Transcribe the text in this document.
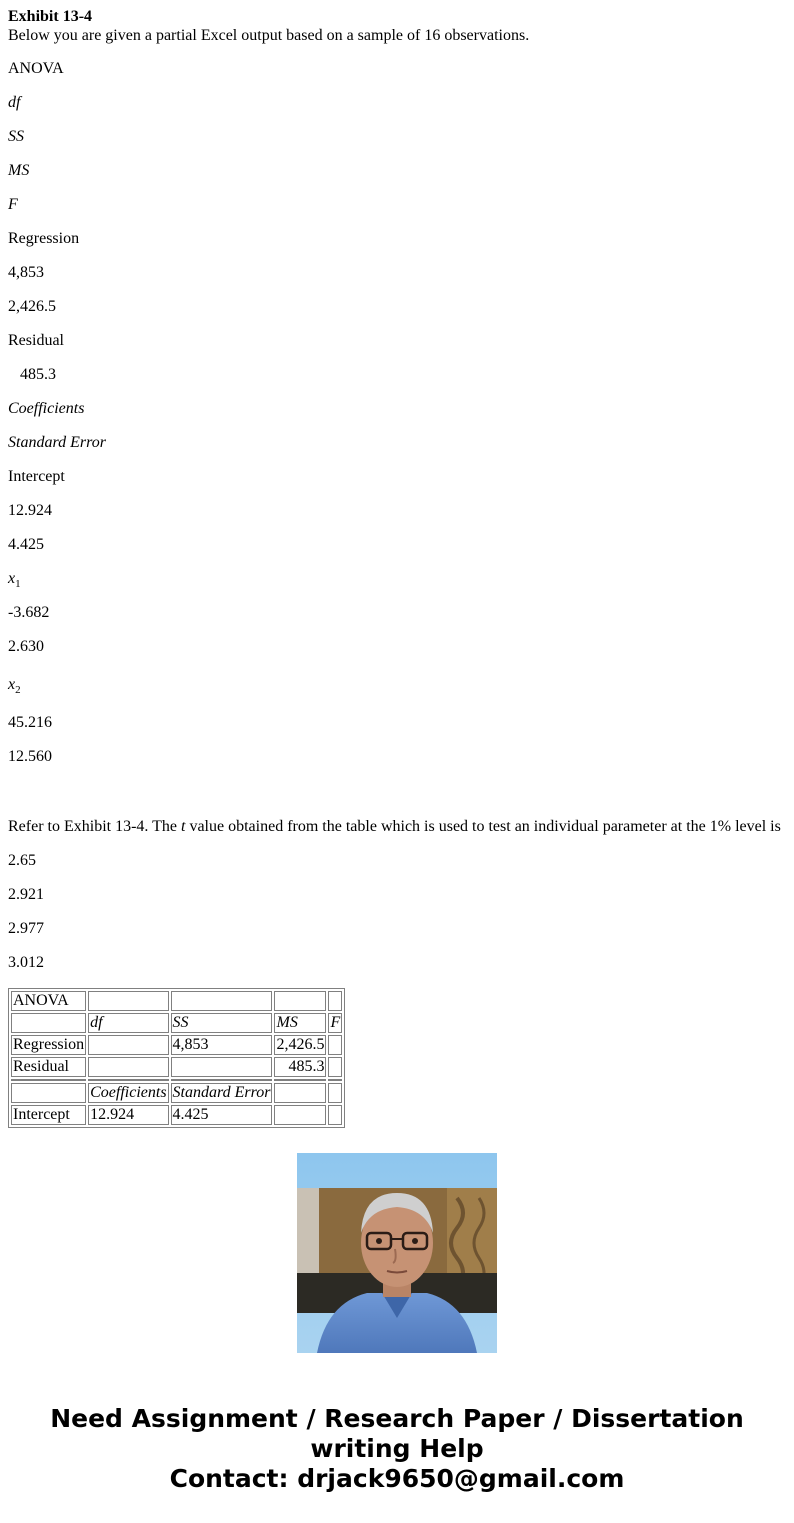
Exhibit 13-4
Below you are given a partial Excel output based on a sample of 16 observations.
ANOVA
df
SS
MS
F
Regression
4,853
2,426.5
Residual
485.3
Coefficients
Standard Error
Intercept
12.924
4.425
$x_1$
-3.682
2.630
$x_2$
45.216
12.560
Refer to Exhibit 13-4. The t value obtained from the table which is used to test an individual parameter at the 1% level is
2.65
2.921
2.977
3.012
ANOVA				
	df	SS	MS	F
Regression		4,853	2,426.5	
Residual			485.3	

	Coefficients	Standard Error		
Intercept	12.924	4.425		
Need Assignment / Research Paper / Dissertation
writing Help
Contact: drjack9650@gmail.com
